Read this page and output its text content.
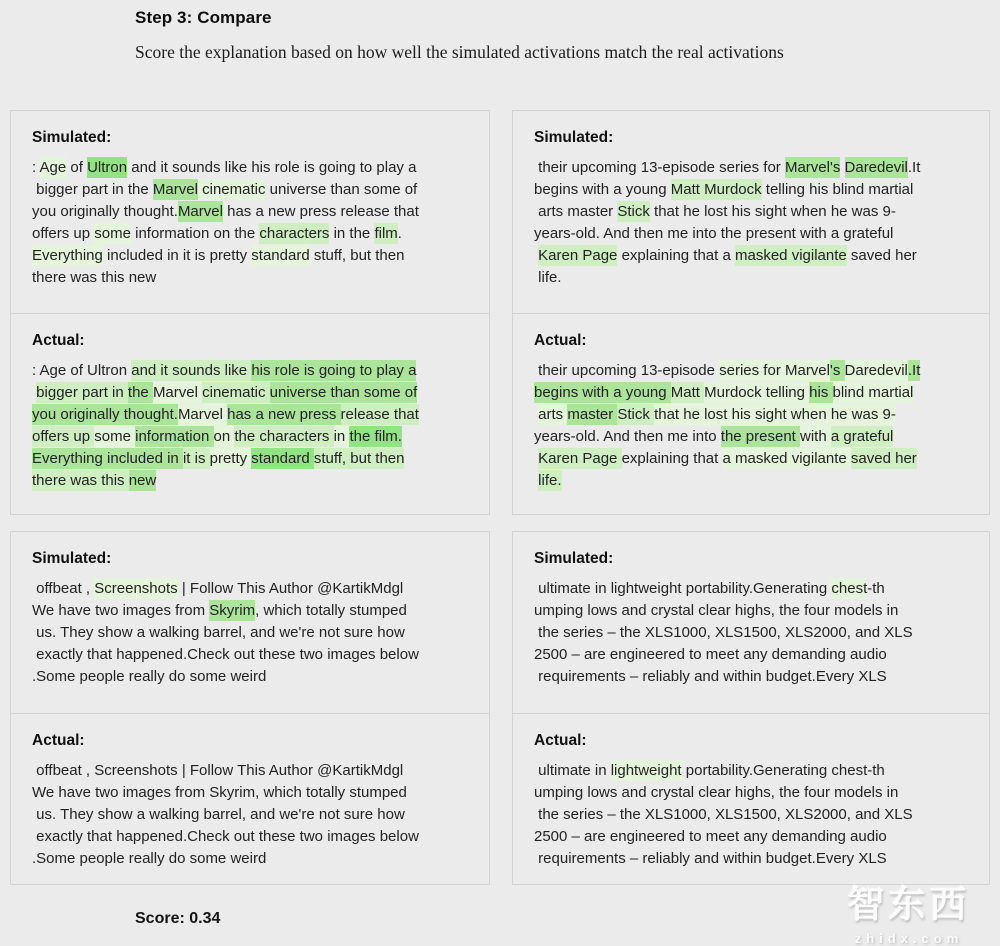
Step 3: Compare
Score the explanation based on how well the simulated activations match the real activations
Simulated:
: Age of Ultron and it sounds like his role is going to play a
bigger part in the Marvel cinematic universe than some of
you originally thought.Marvel has a new press release that
offers up some information on the characters in the film.
Everything included in it is pretty standard stuff, but then
there was this new
Actual:
: Age of Ultron and it sounds like his role is going to play a
bigger part in the Marvel cinematic universe than some of
you originally thought.Marvel has a new press release that
offers up some information on the characters in the film.
Everything included in it is pretty standard stuff, but then
there was this new
Simulated:
their upcoming 13-episode series for Marvel's Daredevil.It
begins with a young Matt Murdock telling his blind martial
arts master Stick that he lost his sight when he was 9-
years-old. And then me into the present with a grateful
Karen Page explaining that a masked vigilante saved her
life.
Actual:
their upcoming 13-episode series for Marvel's Daredevil.It
begins with a young Matt Murdock telling his blind martial
arts master Stick that he lost his sight when he was 9-
years-old. And then me into the present with a grateful
Karen Page explaining that a masked vigilante saved her
life.
Simulated:
offbeat , Screenshots | Follow This Author @KartikMdgl
We have two images from Skyrim, which totally stumped
us. They show a walking barrel, and we're not sure how
exactly that happened.Check out these two images below
.Some people really do some weird
Actual:
offbeat , Screenshots | Follow This Author @KartikMdgl
We have two images from Skyrim, which totally stumped
us. They show a walking barrel, and we're not sure how
exactly that happened.Check out these two images below
.Some people really do some weird
Simulated:
ultimate in lightweight portability.Generating chest-th
umping lows and crystal clear highs, the four models in
the series – the XLS1000, XLS1500, XLS2000, and XLS
2500 – are engineered to meet any demanding audio
requirements – reliably and within budget.Every XLS
Actual:
ultimate in lightweight portability.Generating chest-th
umping lows and crystal clear highs, the four models in
the series – the XLS1000, XLS1500, XLS2000, and XLS
2500 – are engineered to meet any demanding audio
requirements – reliably and within budget.Every XLS
Score: 0.34	智东西
zhidx.com
